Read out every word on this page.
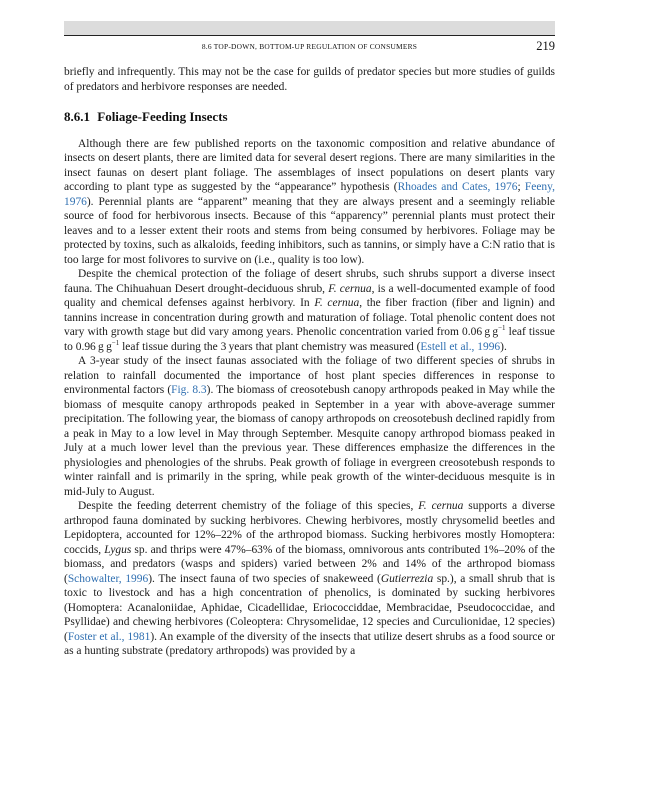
8.6 TOP-DOWN, BOTTOM-UP REGULATION OF CONSUMERS	219

briefly and infrequently. This may not be the case for guilds of predator species but more studies of guilds of predators and herbivore responses are needed.

8.6.1 Foliage-Feeding Insects

Although there are few published reports on the taxonomic composition and relative abundance of insects on desert plants, there are limited data for several desert regions. There are many similarities in the insect faunas on desert plant foliage. The assemblages of insect populations on desert plants vary according to plant type as suggested by the “appearance” hypothesis (Rhoades and Cates, 1976; Feeny, 1976). Perennial plants are “apparent” meaning that they are always present and a seemingly reliable source of food for herbivorous insects. Because of this “apparency” perennial plants must protect their leaves and to a lesser extent their roots and stems from being consumed by herbivores. Foliage may be protected by toxins, such as alkaloids, feeding inhibitors, such as tannins, or simply have a C:N ratio that is too large for most folivores to survive on (i.e., quality is too low).

Despite the chemical protection of the foliage of desert shrubs, such shrubs support a diverse insect fauna. The Chihuahuan Desert drought-deciduous shrub, F. cernua, is a well-documented example of food quality and chemical defenses against herbivory. In F. cernua, the fiber fraction (fiber and lignin) and tannins increase in concentration during growth and maturation of foliage. Total phenolic content does not vary with growth stage but did vary among years. Phenolic concentration varied from 0.06 g $g^{-1}$ leaf tissue to 0.96 g $g^{-1}$ leaf tissue during the 3 years that plant chemistry was measured (Estell et al., 1996).

A 3-year study of the insect faunas associated with the foliage of two different species of shrubs in relation to rainfall documented the importance of host plant species differences in response to environmental factors (Fig. 8.3). The biomass of creosotebush canopy arthropods peaked in May while the biomass of mesquite canopy arthropods peaked in September in a year with above-average summer precipitation. The following year, the biomass of canopy arthropods on creosotebush declined rapidly from a peak in May to a low level in May through September. Mesquite canopy arthropod biomass peaked in July at a much lower level than the previous year. These differences emphasize the differences in the physiologies and phenologies of the shrubs. Peak growth of foliage in evergreen creosotebush responds to winter rainfall and is primarily in the spring, while peak growth of the winter-deciduous mesquite is in mid-July to August.

Despite the feeding deterrent chemistry of the foliage of this species, F. cernua supports a diverse arthropod fauna dominated by sucking herbivores. Chewing herbivores, mostly chrysomelid beetles and Lepidoptera, accounted for 12%–22% of the arthropod biomass. Sucking herbivores mostly Homoptera: coccids, Lygus sp. and thrips were 47%–63% of the biomass, omnivorous ants contributed 1%–20% of the biomass, and predators (wasps and spiders) varied between 2% and 14% of the arthropod biomass (Schowalter, 1996). The insect fauna of two species of snakeweed (Gutierrezia sp.), a small shrub that is toxic to livestock and has a high concentration of phenolics, is dominated by sucking herbivores (Homoptera: Acanaloniidae, Aphidae, Cicadellidae, Eriococciddae, Membracidae, Pseudococcidae, and Psyllidae) and chewing herbivores (Coleoptera: Chrysomelidae, 12 species and Curculionidae, 12 species) (Foster et al., 1981). An example of the diversity of the insects that utilize desert shrubs as a food source or as a hunting substrate (predatory arthropods) was provided by a
